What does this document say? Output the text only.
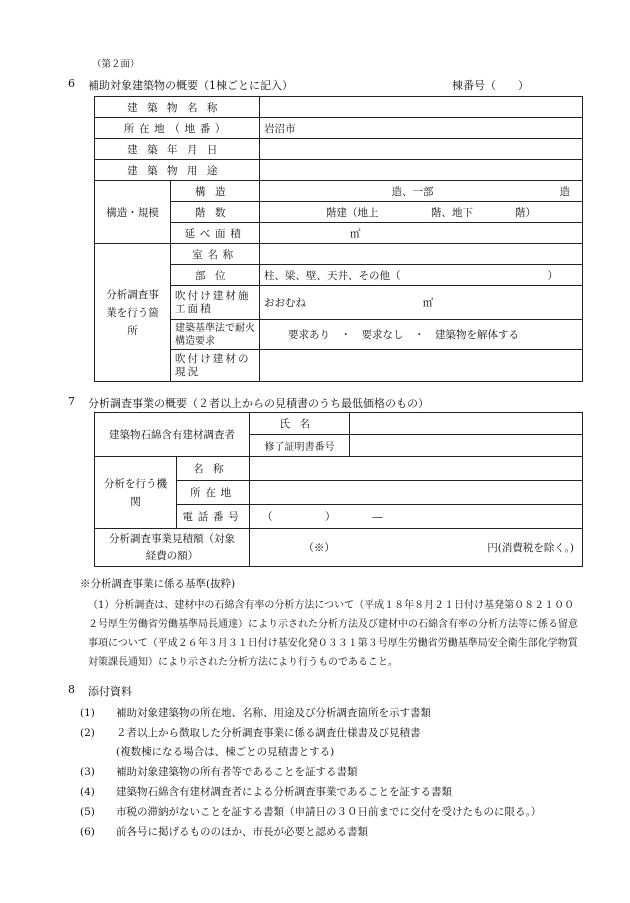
（第２面）
6 補助対象建築物の概要（1棟ごとに記入）	棟番号（　　）
建築物名称		
所在地（地番）		岩沼市
建築年月日		
建築物用途		
構造・規模	構造	造、一部　　　　　　　　　　　　造
	階数	階建（地上　　　　　階、地下　　　　階）
	延べ面積	㎡
分析調査事業を行う箇所	室名称	
	部位	柱、梁、壁、天井、その他（　　　　　　　　　　　　　　）
	吹付け建材施工面積	おおむね ㎡
	建築基準法で耐火構造要求	要求あり　・　要求なし　・　建築物を解体する
	吹付け建材の現況	
7 分析調査事業の概要（２者以上からの見積書のうち最低価格のもの）
建築物石綿含有建材調査者		氏名	
		修了証明書番号	
分析を行う機関	名称		
	所在地		
	電話番号	（　　　　　）　　　　―	
分析調査事業見積額（対象経費の額）		（※） 円(消費税を除く。)	
※分析調査事業に係る基準(抜粋)
（1）分析調査は、建材中の石綿含有率の分析方法について（平成１８年８月２１日付け基発第０８２１００２号厚生労働省労働基準局長通達）により示された分析方法及び建材中の石綿含有率の分析方法等に係る留意事項について（平成２６年３月３１日付け基安化発０３３１第３号厚生労働省労働基準局安全衛生部化学物質対策課長通知）により示された分析方法により行うものであること。
8 添付資料
(1) 補助対象建築物の所在地、名称、用途及び分析調査箇所を示す書類
(2) ２者以上から徴取した分析調査事業に係る調査仕様書及び見積書
(複数棟になる場合は、棟ごとの見積書とする)
(3) 補助対象建築物の所有者等であることを証する書類
(4) 建築物石綿含有建材調査者による分析調査事業であることを証する書類
(5) 市税の滞納がないことを証する書類（申請日の３０日前までに交付を受けたものに限る。）
(6) 前各号に掲げるもののほか、市長が必要と認める書類
